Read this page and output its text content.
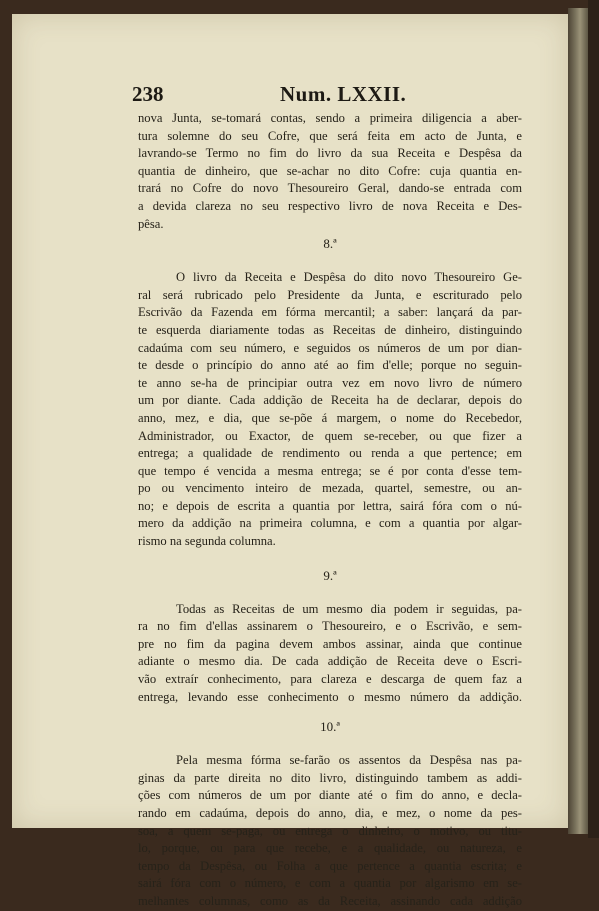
238	Num. LXXII.
nova Junta, se-tomará contas, sendo a primeira diligencia a aber-
tura solemne do seu Cofre, que será feita em acto de Junta, e
lavrando-se Termo no fim do livro da sua Receita e Despêsa da
quantia de dinheiro, que se-achar no dito Cofre: cuja quantia en-
trará no Cofre do novo Thesoureiro Geral, dando-se entrada com
a devida clareza no seu respectivo livro de nova Receita e Des-
pêsa.
8.ª
O livro da Receita e Despêsa do dito novo Thesoureiro Ge-
ral será rubricado pelo Presidente da Junta, e escriturado pelo
Escrivão da Fazenda em fórma mercantil; a saber: lançará da par-
te esquerda diariamente todas as Receitas de dinheiro, distinguindo
cadaúma com seu número, e seguidos os números de um por dian-
te desde o princípio do anno até ao fim d'elle; porque no seguin-
te anno se-ha de principiar outra vez em novo livro de número
um por diante. Cada addição de Receita ha de declarar, depois do
anno, mez, e dia, que se-põe á margem, o nome do Recebedor,
Administrador, ou Exactor, de quem se-receber, ou que fizer a
entrega; a qualidade de rendimento ou renda a que pertence; em
que tempo é vencida a mesma entrega; se é por conta d'esse tem-
po ou vencimento inteiro de mezada, quartel, semestre, ou an-
no; e depois de escrita a quantia por lettra, sairá fóra com o nú-
mero da addição na primeira columna, e com a quantia por algar-
rismo na segunda columna.
9.ª
Todas as Receitas de um mesmo dia podem ir seguidas, pa-
ra no fim d'ellas assinarem o Thesoureiro, e o Escrivão, e sem-
pre no fim da pagina devem ambos assinar, ainda que continue
adiante o mesmo dia. De cada addição de Receita deve o Escri-
vão extraír conhecimento, para clareza e descarga de quem faz a
entrega, levando esse conhecimento o mesmo número da addição.
10.ª
Pela mesma fórma se-farão os assentos da Despêsa nas pa-
ginas da parte direita no dito livro, distinguindo tambem as addi-
ções com números de um por diante até o fim do anno, e decla-
rando em cadaúma, depois do anno, dia, e mez, o nome da pes-
soa, a quem se-paga, ou entrega o dinheiro, o motivo, ou titu-
lo, porque, ou para que recebe, e a qualidade, ou natureza, e
tempo da Despêsa, ou Folha a que pertence a quantia escrita; e
sairá fóra com o número, e com a quantia por algarismo em se-
melhantes columnas, como as da Receita, assinando cada addição
